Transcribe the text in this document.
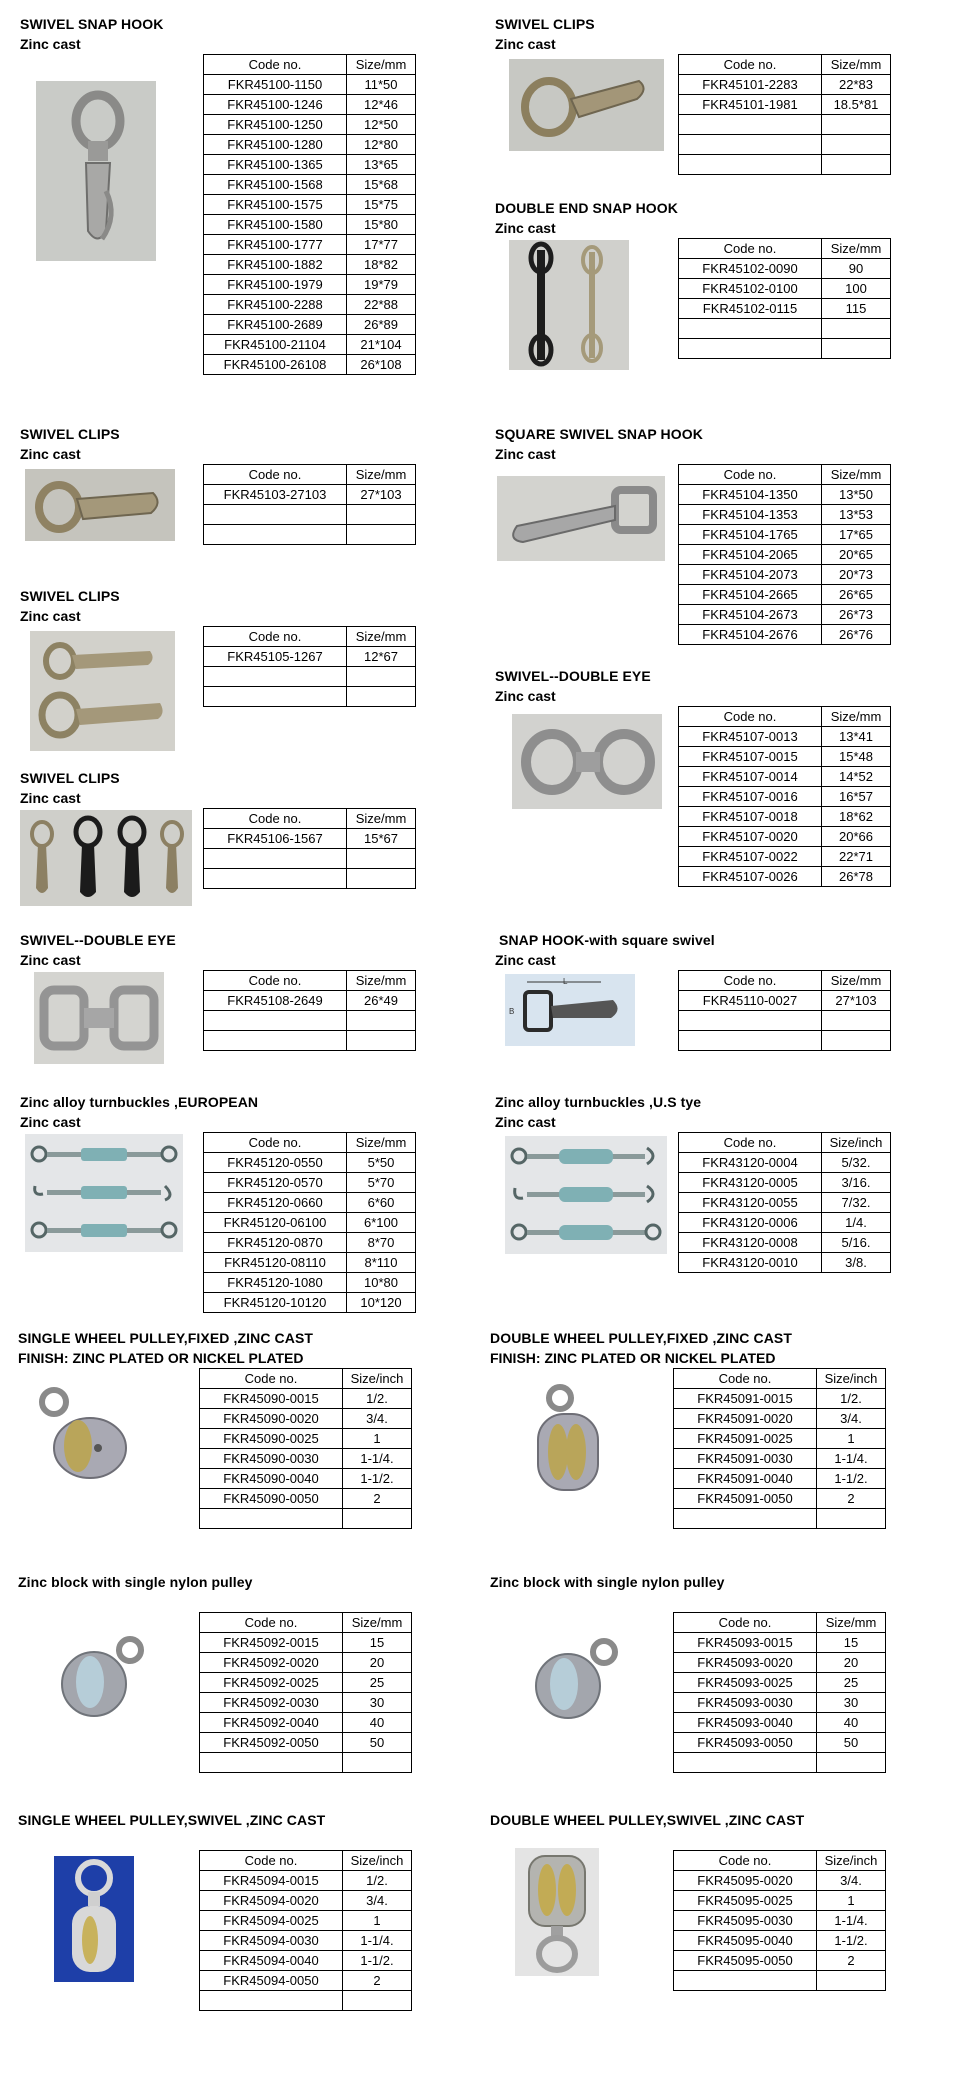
SWIVEL SNAP HOOK
Zinc cast
Code no.	Size/mm
FKR45100-1150	11*50
FKR45100-1246	12*46
FKR45100-1250	12*50
FKR45100-1280	12*80
FKR45100-1365	13*65
FKR45100-1568	15*68
FKR45100-1575	15*75
FKR45100-1580	15*80
FKR45100-1777	17*77
FKR45100-1882	18*82
FKR45100-1979	19*79
FKR45100-2288	22*88
FKR45100-2689	26*89
FKR45100-21104	21*104
FKR45100-26108	26*108
SWIVEL CLIPS
Zinc cast
Code no.	Size/mm
FKR45101-2283	22*83
FKR45101-1981	18.5*81

DOUBLE END SNAP HOOK
Zinc cast
Code no.	Size/mm
FKR45102-0090	90
FKR45102-0100	100
FKR45102-0115	115

SWIVEL CLIPS
Zinc cast
Code no.	Size/mm
FKR45103-27103	27*103

SQUARE SWIVEL SNAP HOOK
Zinc cast
Code no.	Size/mm
FKR45104-1350	13*50
FKR45104-1353	13*53
FKR45104-1765	17*65
FKR45104-2065	20*65
FKR45104-2073	20*73
FKR45104-2665	26*65
FKR45104-2673	26*73
FKR45104-2676	26*76
SWIVEL CLIPS
Zinc cast
Code no.	Size/mm
FKR45105-1267	12*67

SWIVEL--DOUBLE EYE
Zinc cast
Code no.	Size/mm
FKR45107-0013	13*41
FKR45107-0015	15*48
FKR45107-0014	14*52
FKR45107-0016	16*57
FKR45107-0018	18*62
FKR45107-0020	20*66
FKR45107-0022	22*71
FKR45107-0026	26*78
SWIVEL CLIPS
Zinc cast
Code no.	Size/mm
FKR45106-1567	15*67

SWIVEL--DOUBLE EYE
Zinc cast
Code no.	Size/mm
FKR45108-2649	26*49

SNAP HOOK-with square swivel
Zinc cast
L
B
Code no.	Size/mm
FKR45110-0027	27*103

Zinc alloy turnbuckles ,EUROPEAN
Zinc cast
Code no.	Size/mm
FKR45120-0550	5*50
FKR45120-0570	5*70
FKR45120-0660	6*60
FKR45120-06100	6*100
FKR45120-0870	8*70
FKR45120-08110	8*110
FKR45120-1080	10*80
FKR45120-10120	10*120
Zinc alloy turnbuckles ,U.S tye
Zinc cast
Code no.	Size/inch
FKR43120-0004	5/32.
FKR43120-0005	3/16.
FKR43120-0055	7/32.
FKR43120-0006	1/4.
FKR43120-0008	5/16.
FKR43120-0010	3/8.
SINGLE WHEEL PULLEY,FIXED ,ZINC CAST
FINISH: ZINC PLATED OR NICKEL PLATED
Code no.	Size/inch
FKR45090-0015	1/2.
FKR45090-0020	3/4.
FKR45090-0025	1
FKR45090-0030	1-1/4.
FKR45090-0040	1-1/2.
FKR45090-0050	2

DOUBLE WHEEL PULLEY,FIXED ,ZINC CAST
FINISH: ZINC PLATED OR NICKEL PLATED
Code no.	Size/inch
FKR45091-0015	1/2.
FKR45091-0020	3/4.
FKR45091-0025	1
FKR45091-0030	1-1/4.
FKR45091-0040	1-1/2.
FKR45091-0050	2

Zinc block with single nylon pulley
Code no.	Size/mm
FKR45092-0015	15
FKR45092-0020	20
FKR45092-0025	25
FKR45092-0030	30
FKR45092-0040	40
FKR45092-0050	50

Zinc block with single nylon pulley
Code no.	Size/mm
FKR45093-0015	15
FKR45093-0020	20
FKR45093-0025	25
FKR45093-0030	30
FKR45093-0040	40
FKR45093-0050	50

SINGLE WHEEL PULLEY,SWIVEL ,ZINC CAST
Code no.	Size/inch
FKR45094-0015	1/2.
FKR45094-0020	3/4.
FKR45094-0025	1
FKR45094-0030	1-1/4.
FKR45094-0040	1-1/2.
FKR45094-0050	2

DOUBLE WHEEL PULLEY,SWIVEL ,ZINC CAST
Code no.	Size/inch
FKR45095-0020	3/4.
FKR45095-0025	1
FKR45095-0030	1-1/4.
FKR45095-0040	1-1/2.
FKR45095-0050	2
